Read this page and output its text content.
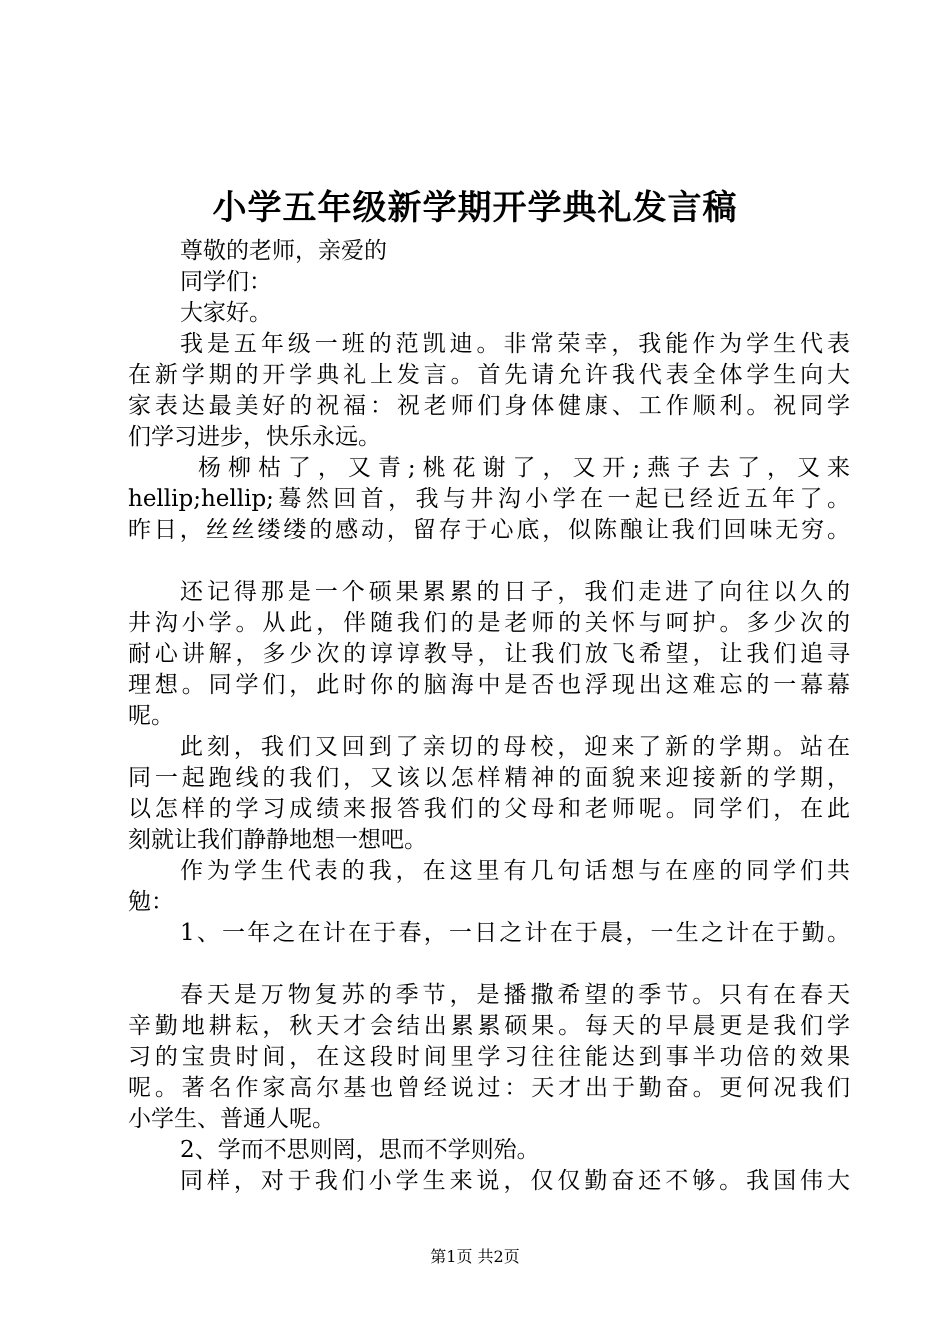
小学五年级新学期开学典礼发言稿
尊敬的老师，亲爱的
同学们：
大家好。
我是五年级一班的范凯迪。非常荣幸，我能作为学生代表
在新学期的开学典礼上发言。首先请允许我代表全体学生向大
家表达最美好的祝福：祝老师们身体健康、工作顺利。祝同学
们学习进步，快乐永远。
杨柳枯了，又青;桃花谢了，又开;燕子去了，又来
hellip;hellip;蓦然回首，我与井沟小学在一起已经近五年了。
昨日，丝丝缕缕的感动，留存于心底，似陈酿让我们回味无穷。
还记得那是一个硕果累累的日子，我们走进了向往以久的
井沟小学。从此，伴随我们的是老师的关怀与呵护。多少次的
耐心讲解，多少次的谆谆教导，让我们放飞希望，让我们追寻
理想。同学们，此时你的脑海中是否也浮现出这难忘的一幕幕
呢。
此刻，我们又回到了亲切的母校，迎来了新的学期。站在
同一起跑线的我们，又该以怎样精神的面貌来迎接新的学期，
以怎样的学习成绩来报答我们的父母和老师呢。同学们，在此
刻就让我们静静地想一想吧。
作为学生代表的我，在这里有几句话想与在座的同学们共
勉：
1、一年之在计在于春，一日之计在于晨，一生之计在于勤。
春天是万物复苏的季节，是播撒希望的季节。只有在春天
辛勤地耕耘，秋天才会结出累累硕果。每天的早晨更是我们学
习的宝贵时间，在这段时间里学习往往能达到事半功倍的效果
呢。著名作家高尔基也曾经说过：天才出于勤奋。更何况我们
小学生、普通人呢。
2、学而不思则罔，思而不学则殆。
同样，对于我们小学生来说，仅仅勤奋还不够。我国伟大
第1页 共2页
